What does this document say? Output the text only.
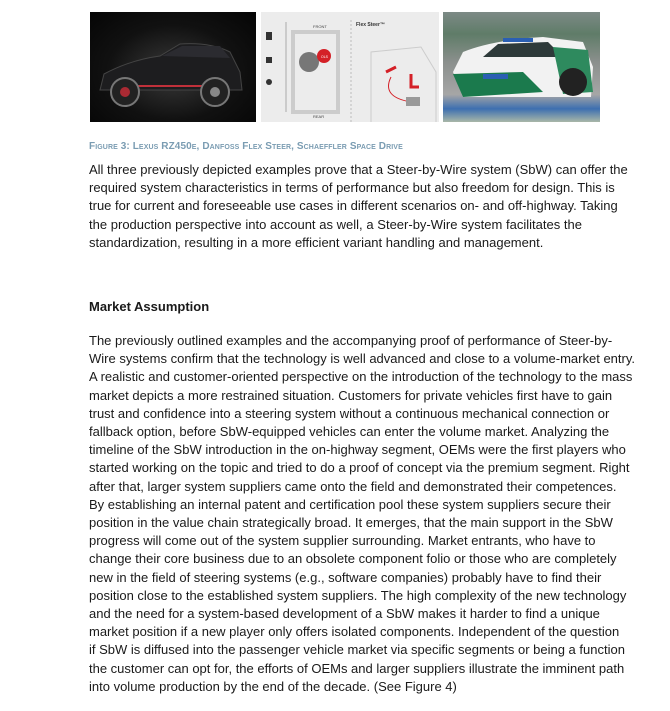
FRONT
REAR
OLS
Flex Steer™
Figure 3: Lexus RZ450e, Danfoss Flex Steer, Schaeffler Space Drive
All three previously depicted examples prove that a Steer-by-Wire system (SbW) can offer the
required system characteristics in terms of performance but also freedom for design. This is
true for current and foreseeable use cases in different scenarios on- and off-highway. Taking
the production perspective into account as well, a Steer-by-Wire system facilitates the
standardization, resulting in a more efficient variant handling and management.
Market Assumption
The previously outlined examples and the accompanying proof of performance of Steer-by-
Wire systems confirm that the technology is well advanced and close to a volume-market entry.
A realistic and customer-oriented perspective on the introduction of the technology to the mass
market depicts a more restrained situation. Customers for private vehicles first have to gain
trust and confidence into a steering system without a continuous mechanical connection or
fallback option, before SbW-equipped vehicles can enter the volume market. Analyzing the
timeline of the SbW introduction in the on-highway segment, OEMs were the first players who
started working on the topic and tried to do a proof of concept via the premium segment. Right
after that, larger system suppliers came onto the field and demonstrated their competences.
By establishing an internal patent and certification pool these system suppliers secure their
position in the value chain strategically broad. It emerges, that the main support in the SbW
progress will come out of the system supplier surrounding. Market entrants, who have to
change their core business due to an obsolete component folio or those who are completely
new in the field of steering systems (e.g., software companies) probably have to find their
position close to the established system suppliers. The high complexity of the new technology
and the need for a system-based development of a SbW makes it harder to find a unique
market position if a new player only offers isolated components. Independent of the question
if SbW is diffused into the passenger vehicle market via specific segments or being a function
the customer can opt for, the efforts of OEMs and larger suppliers illustrate the imminent path
into volume production by the end of the decade. (See Figure 4)
